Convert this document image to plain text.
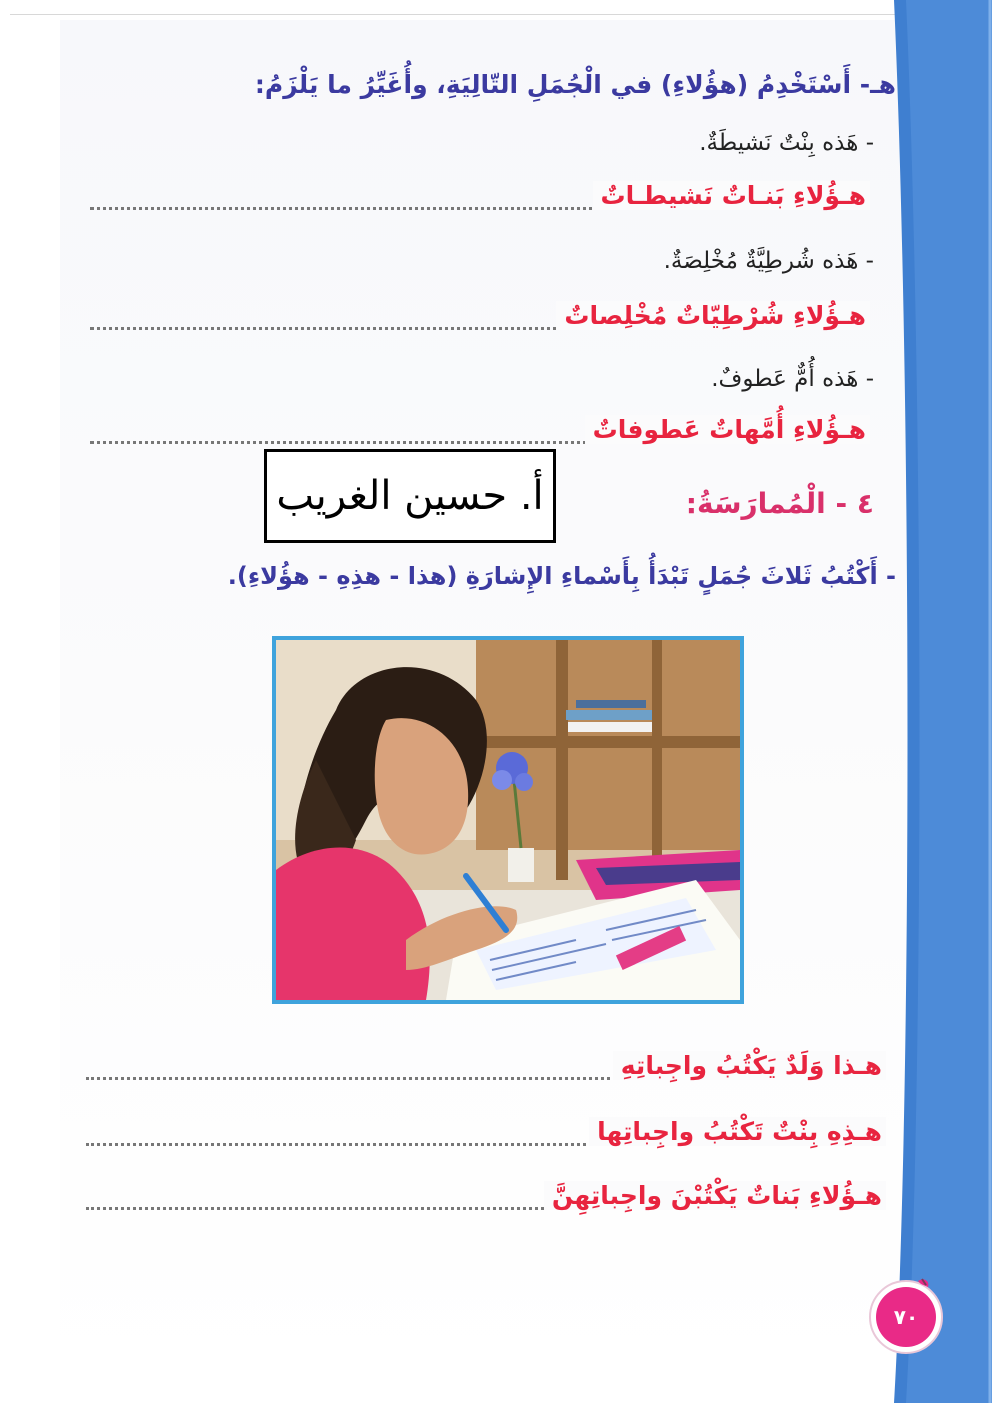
هـ- أَسْتَخْدِمُ (هؤُلاءِ) في الْجُمَلِ التّالِيَةِ، وأُغَيِّرُ ما يَلْزَمُ:
- هَذه بِنْتٌ نَشيطَةٌ.
هـؤُلاءِ بَنـاتٌ نَشيطـاتٌ
- هَذه شُرطِيَّةٌ مُخْلِصَةٌ.
هـؤُلاءِ شُرْطِيّاتٌ مُخْلِصاتٌ
- هَذه أُمٌّ عَطوفٌ.
هـؤُلاءِ أُمَّهاتٌ عَطوفاتٌ
أ. حسين الغريب	٤ - الْمُمارَسَةُ:
- أَكْتُبُ ثَلاثَ جُمَلٍ تَبْدَأُ بِأَسْماءِ الإِشارَةِ (هذا - هذِهِ - هؤُلاءِ).
هـذا وَلَدٌ يَكْتُبُ واجِباتِهِ
هـذِهِ بِنْتٌ تَكْتُبُ واجِباتِها
هـؤُلاءِ بَناتٌ يَكْتُبْنَ واجِباتِهِنَّ
٧٠
